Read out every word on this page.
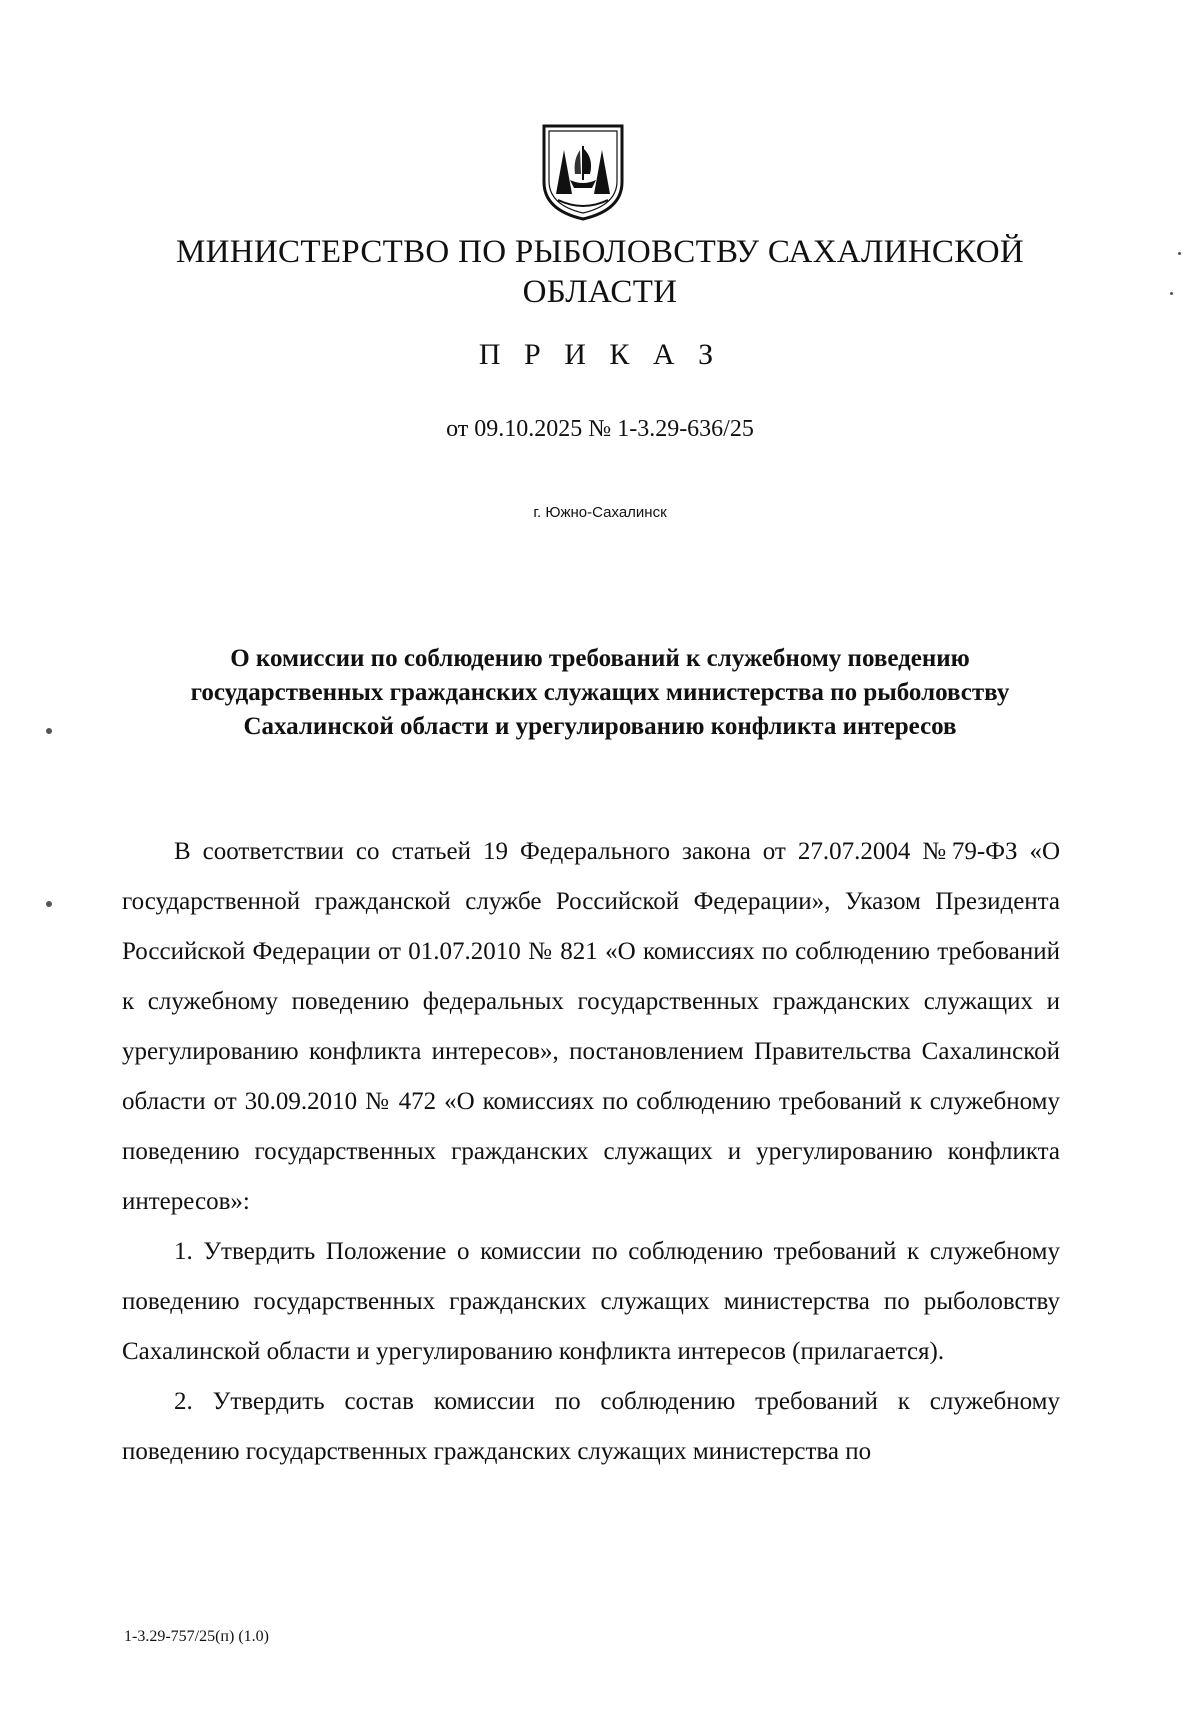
МИНИСТЕРСТВО ПО РЫБОЛОВСТВУ САХАЛИНСКОЙ
ОБЛАСТИ
П Р И К А З
от 09.10.2025 № 1-3.29-636/25
г. Южно-Сахалинск
О комиссии по соблюдению требований к служебному поведению
государственных гражданских служащих министерства по рыболовству
Сахалинской области и урегулированию конфликта интересов

В соответствии со статьей 19 Федерального закона от 27.07.2004 №79-ФЗ «О государственной гражданской службе Российской Федерации», Указом Президента Российской Федерации от 01.07.2010 № 821 «О комиссиях по соблюдению требований к служебному поведению федеральных государственных гражданских служащих и урегулированию конфликта интересов», постановлением Правительства Сахалинской области от 30.09.2010 № 472 «О комиссиях по соблюдению требований к служебному поведению государственных гражданских служащих и урегулированию конфликта интересов»:

1. Утвердить Положение о комиссии по соблюдению требований к служебному поведению государственных гражданских служащих министерства по рыболовству Сахалинской области и урегулированию конфликта интересов (прилагается).

2. Утвердить состав комиссии по соблюдению требований к служебному поведению государственных гражданских служащих министерства по

1-3.29-757/25(п) (1.0)
